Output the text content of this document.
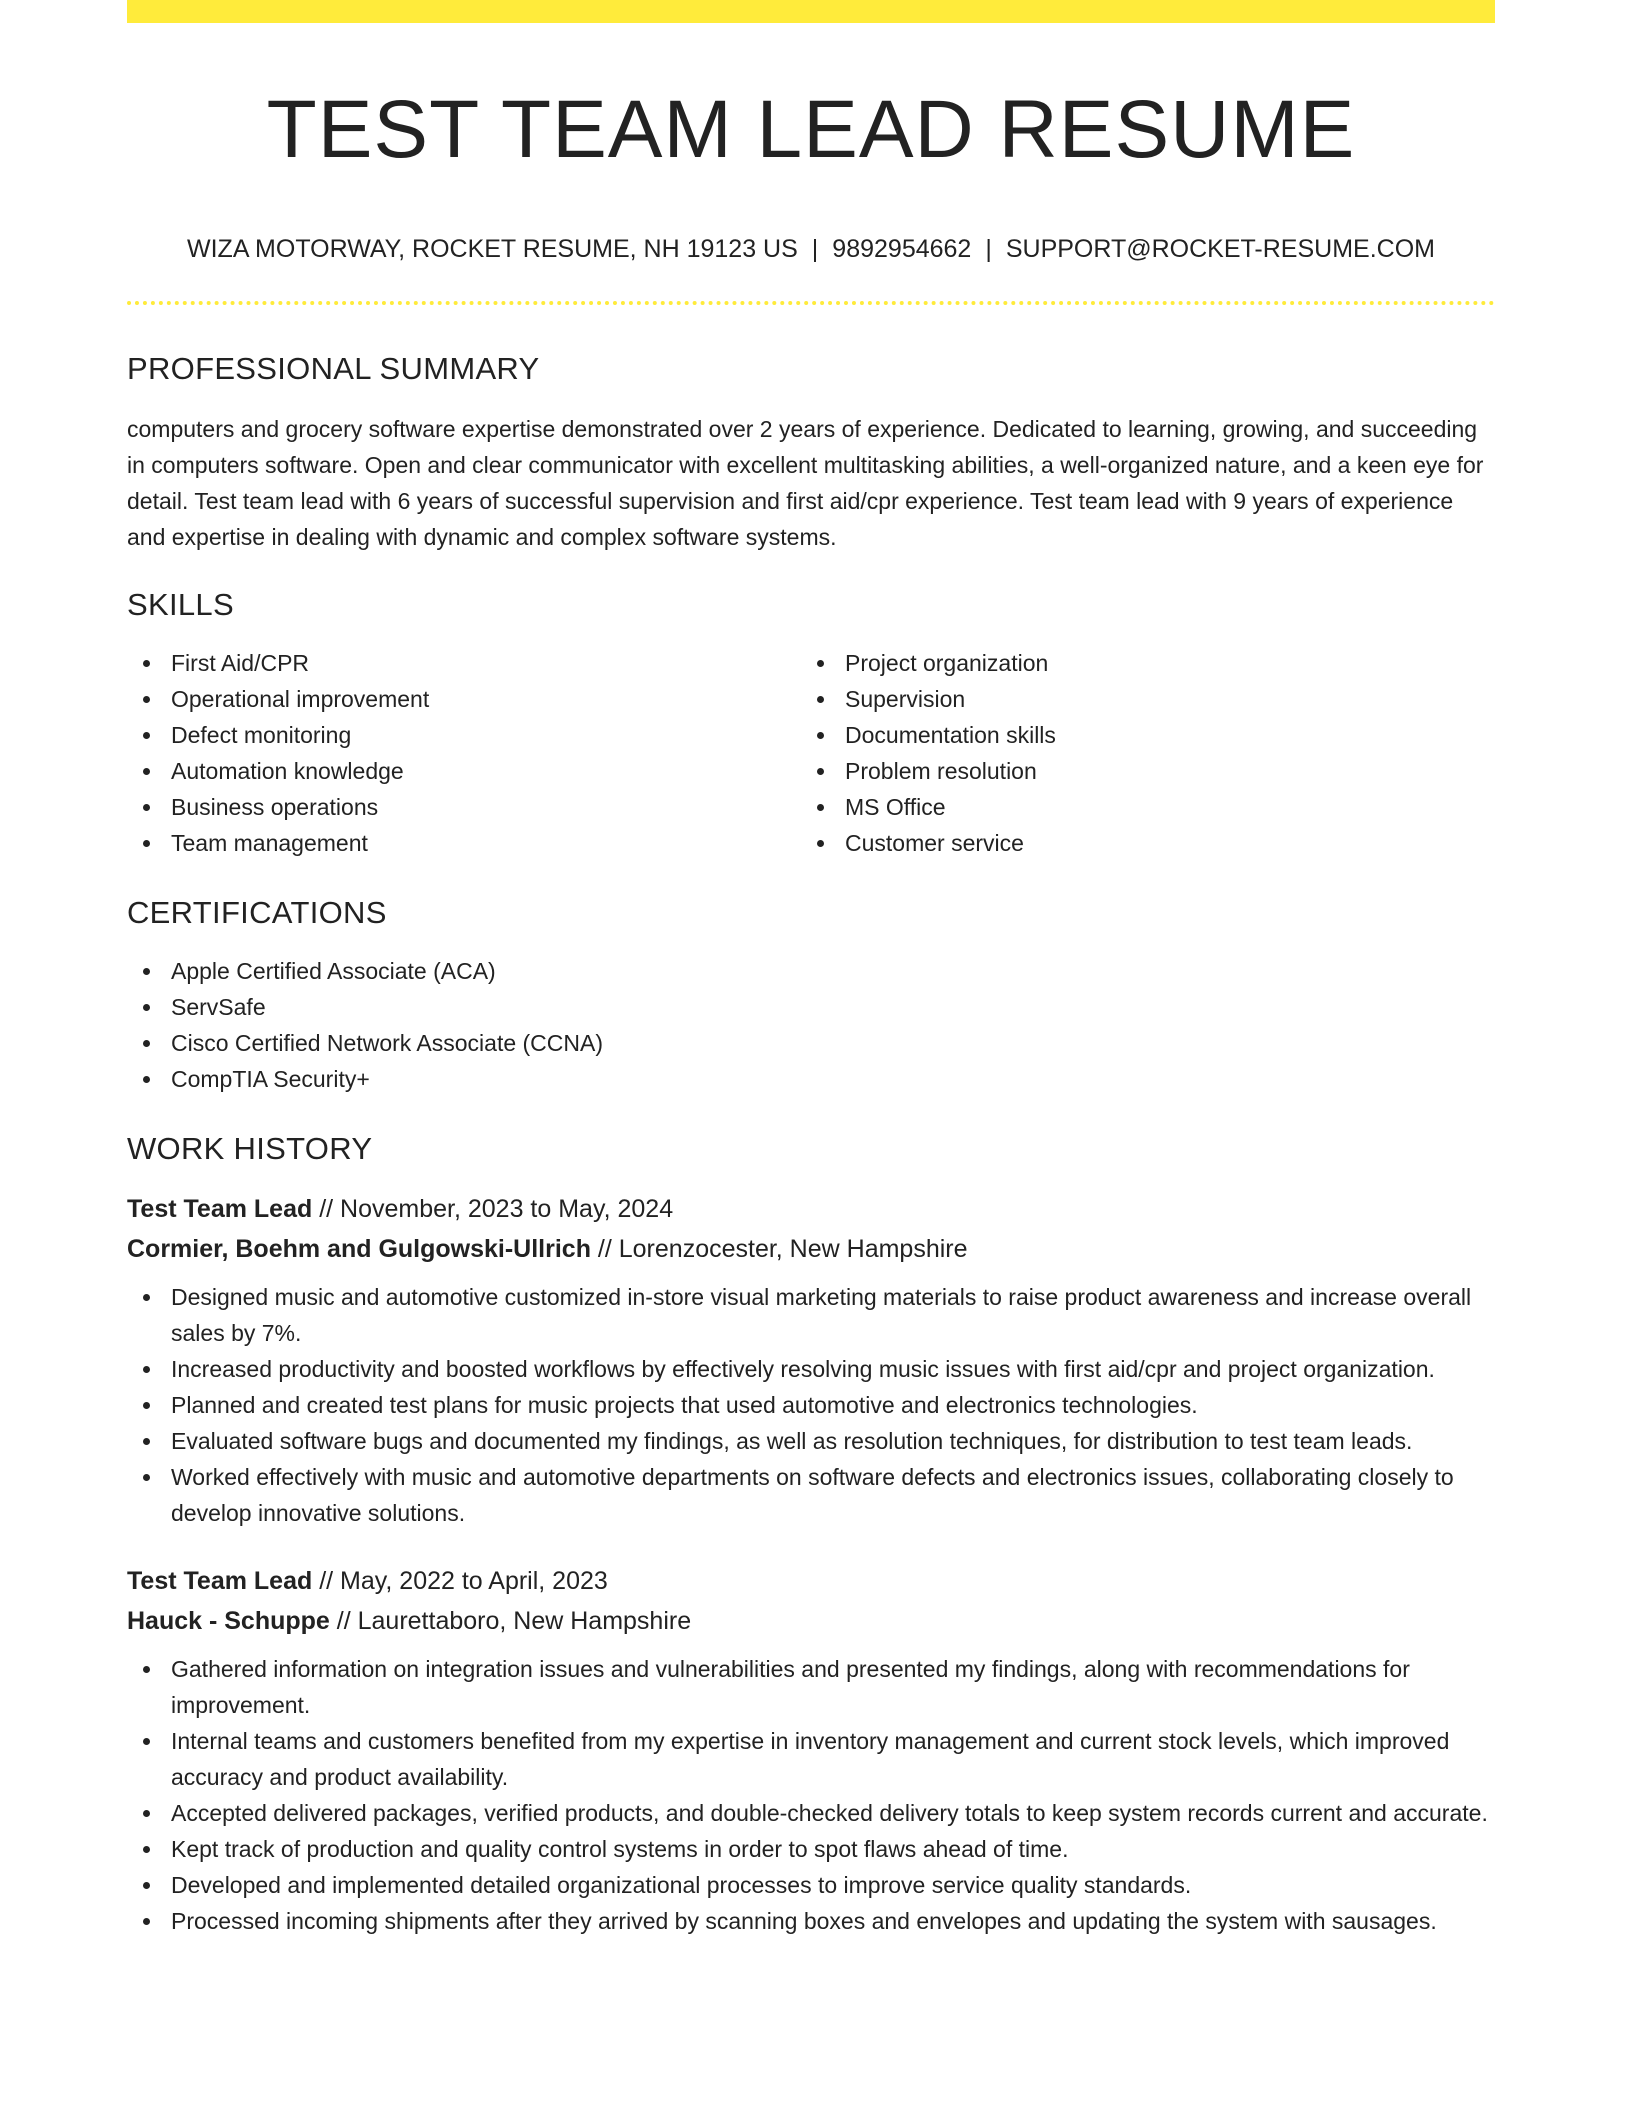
TEST TEAM LEAD RESUME
WIZA MOTORWAY, ROCKET RESUME, NH 19123 US | 9892954662 | SUPPORT@ROCKET-RESUME.COM
PROFESSIONAL SUMMARY

computers and grocery software expertise demonstrated over 2 years of experience. Dedicated to learning, growing, and succeeding in computers software. Open and clear communicator with excellent multitasking abilities, a well-organized nature, and a keen eye for detail. Test team lead with 6 years of successful supervision and first aid/cpr experience. Test team lead with 9 years of experience and expertise in dealing with dynamic and complex software systems.

SKILLS
First Aid/CPR
Operational improvement
Defect monitoring
Automation knowledge
Business operations
Team management
Project organization
Supervision
Documentation skills
Problem resolution
MS Office
Customer service
CERTIFICATIONS
Apple Certified Associate (ACA)
ServSafe
Cisco Certified Network Associate (CCNA)
CompTIA Security+
WORK HISTORY
Test Team Lead // November, 2023 to May, 2024
Cormier, Boehm and Gulgowski-Ullrich // Lorenzocester, New Hampshire
Designed music and automotive customized in-store visual marketing materials to raise product awareness and increase overall sales by 7%.
Increased productivity and boosted workflows by effectively resolving music issues with first aid/cpr and project organization.
Planned and created test plans for music projects that used automotive and electronics technologies.
Evaluated software bugs and documented my findings, as well as resolution techniques, for distribution to test team leads.
Worked effectively with music and automotive departments on software defects and electronics issues, collaborating closely to develop innovative solutions.
Test Team Lead // May, 2022 to April, 2023
Hauck - Schuppe // Laurettaboro, New Hampshire
Gathered information on integration issues and vulnerabilities and presented my findings, along with recommendations for improvement.
Internal teams and customers benefited from my expertise in inventory management and current stock levels, which improved accuracy and product availability.
Accepted delivered packages, verified products, and double-checked delivery totals to keep system records current and accurate.
Kept track of production and quality control systems in order to spot flaws ahead of time.
Developed and implemented detailed organizational processes to improve service quality standards.
Processed incoming shipments after they arrived by scanning boxes and envelopes and updating the system with sausages.
